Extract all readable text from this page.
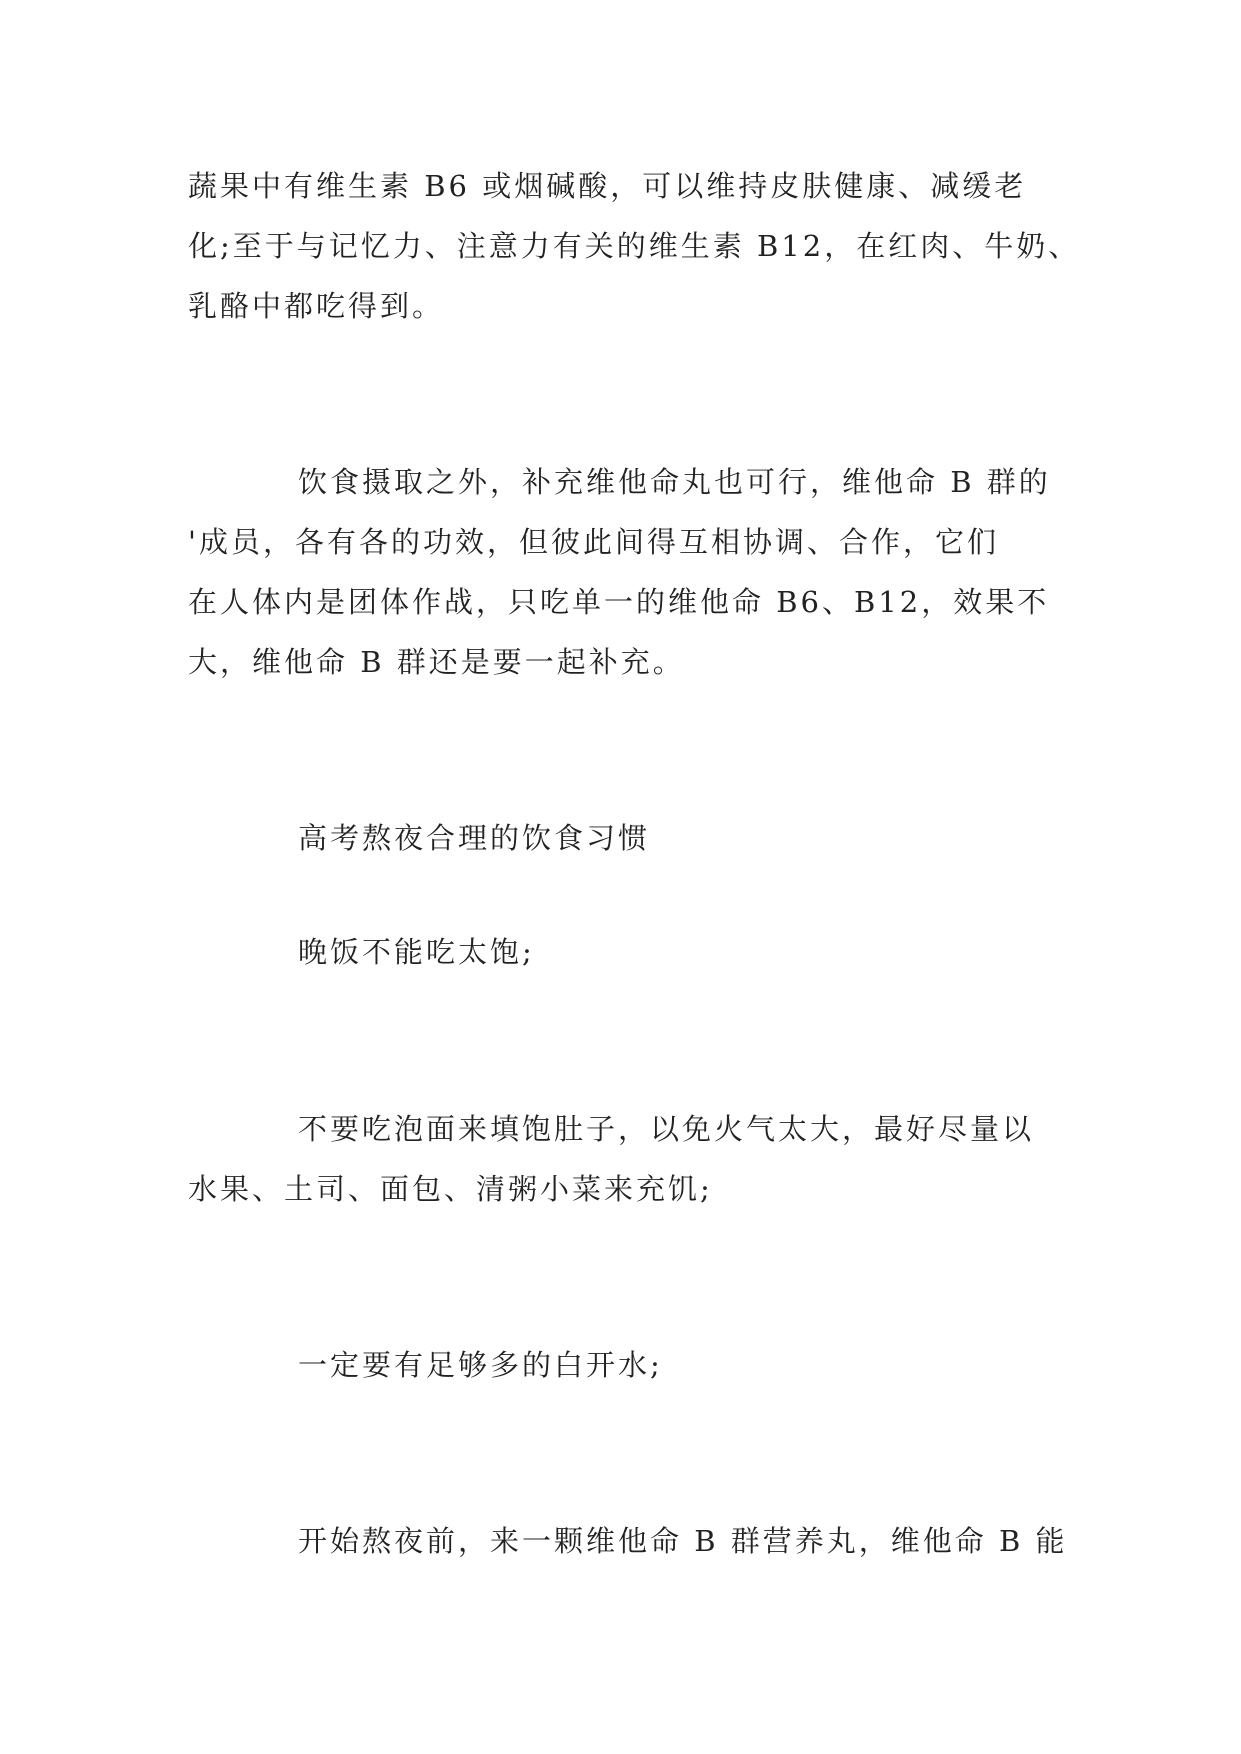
蔬果中有维生素 B6 或烟碱酸，可以维持皮肤健康、减缓老
化;至于与记忆力、注意力有关的维生素 B12，在红肉、牛奶、
乳酪中都吃得到。
饮食摄取之外，补充维他命丸也可行，维他命 B 群的
'成员，各有各的功效，但彼此间得互相协调、合作，它们
在人体内是团体作战，只吃单一的维他命 B6、B12，效果不
大，维他命 B 群还是要一起补充。
高考熬夜合理的饮食习惯
晚饭不能吃太饱;
不要吃泡面来填饱肚子，以免火气太大，最好尽量以
水果、土司、面包、清粥小菜来充饥;
一定要有足够多的白开水;
开始熬夜前，来一颗维他命 B 群营养丸，维他命 B 能
